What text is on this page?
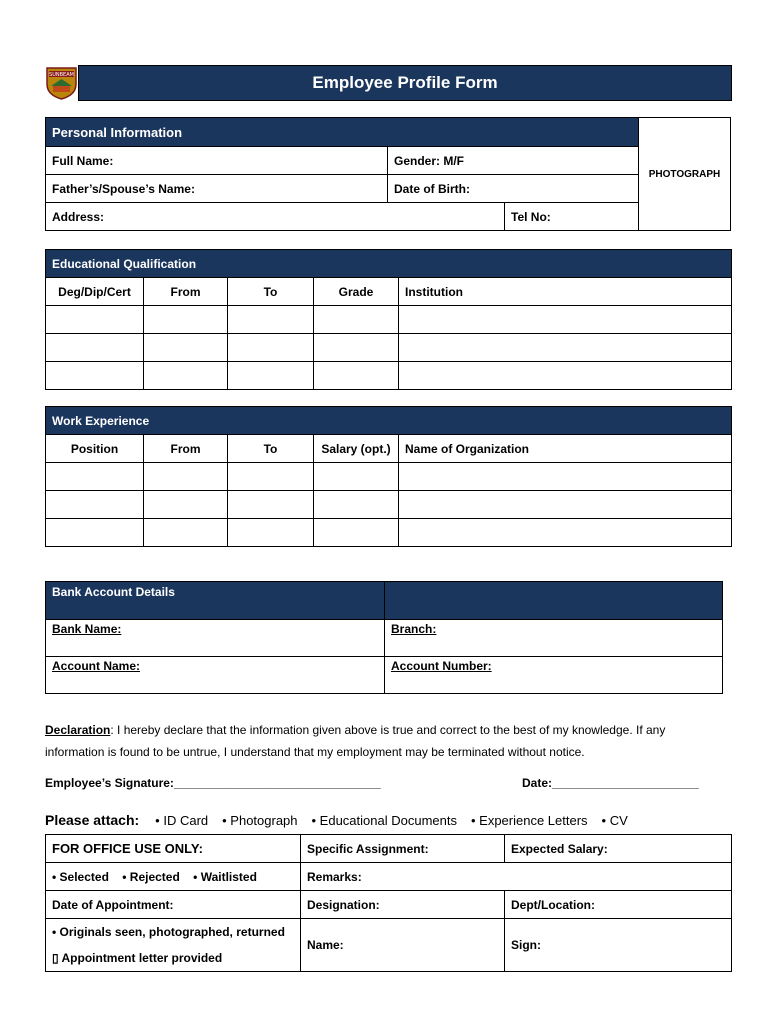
SUNBEAM	Employee Profile Form
Personal Information		
Full Name:	Gender: M/F	
Father’s/Spouse’s Name:	Date of Birth:	
Address:		Tel No:
PHOTOGRAPH
Educational Qualification				
Deg/Dip/Cert	From	To	Grade	Institution

Work Experience				
Position	From	To	Salary (opt.)	Name of Organization

Bank Account Details	
Bank Name:	Branch:
Account Name:	Account Number:
Declaration: I hereby declare that the information given above is true and correct to the best of my knowledge. If any information is found to be untrue, I understand that my employment may be terminated without notice.
Employee’s Signature:_______________________________	Date:______________________
Please attach: • ID Card • Photograph • Educational Documents • Experience Letters • CV
FOR OFFICE USE ONLY:	Specific Assignment:	Expected Salary:
• Selected • Rejected • Waitlisted	Remarks:	
Date of Appointment:	Designation:	Dept/Location:

• Originals seen, photographed, returned
▯ Appointment letter provided	Name:	Sign:
